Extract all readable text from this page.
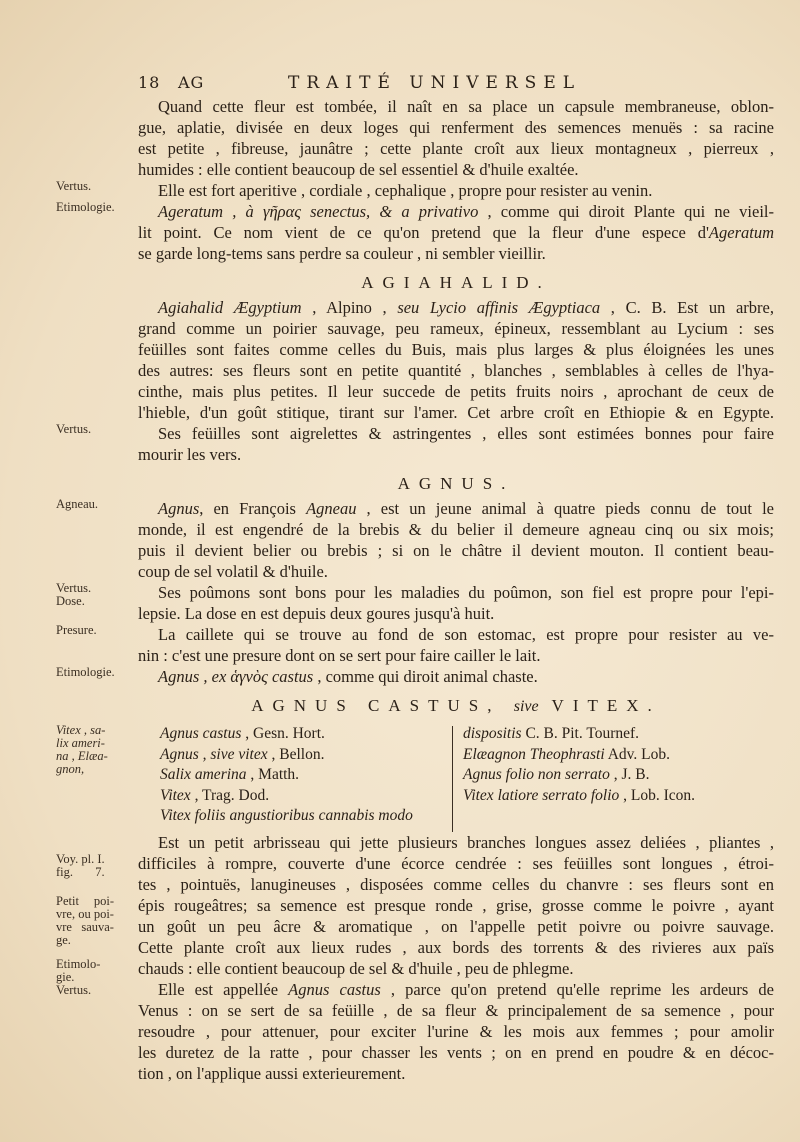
18 AG	TRAITÉ UNIVERSEL
Quand cette fleur est tombée, il naît en sa place un capsule membraneuse, oblon-
gue, aplatie, divisée en deux loges qui renferment des semences menuës : sa racine
est petite , fibreuse, jaunâtre ; cette plante croît aux lieux montagneux , pierreux ,
humides : elle contient beaucoup de sel essentiel & d'huile exaltée.
Vertus.	Elle est fort aperitive , cordiale , cephalique , propre pour resister au venin.
Etimologie.	Ageratum , à γῆρας senectus, & a privativo , comme qui diroit Plante qui ne vieil-
lit point. Ce nom vient de ce qu'on pretend que la fleur d'une espece d'Ageratum
se garde long-tems sans perdre sa couleur , ni sembler vieillir.
AGIAHALID.
Agiahalid Ægyptium , Alpino , seu Lycio affinis Ægyptiaca , C. B. Est un arbre,
grand comme un poirier sauvage, peu rameux, épineux, ressemblant au Lycium : ses
feüilles sont faites comme celles du Buis, mais plus larges & plus éloignées les unes
des autres: ses fleurs sont en petite quantité , blanches , semblables à celles de l'hya-
cinthe, mais plus petites. Il leur succede de petits fruits noirs , aprochant de ceux de
l'hieble, d'un goût stitique, tirant sur l'amer. Cet arbre croît en Ethiopie & en Egypte.
Vertus.	Ses feüilles sont aigrelettes & astringentes , elles sont estimées bonnes pour faire
mourir les vers.
AGNUS.
Agneau.	Agnus, en François Agneau , est un jeune animal à quatre pieds connu de tout le
monde, il est engendré de la brebis & du belier il demeure agneau cinq ou six mois;
puis il devient belier ou brebis ; si on le châtre il devient mouton. Il contient beau-
coup de sel volatil & d'huile.
Vertus.
Dose.	Ses poûmons sont bons pour les maladies du poûmon, son fiel est propre pour l'epi-
lepsie. La dose en est depuis deux goures jusqu'à huit.
Presure.	La caillete qui se trouve au fond de son estomac, est propre pour resister au ve-
nin : c'est une presure dont on se sert pour faire cailler le lait.
Etimologie.	Agnus , ex ἁγνὸς castus , comme qui diroit animal chaste.
AGNUS CASTUS, sive VITEX.
Vitex , sa-
lix ameri-
na , Elæa-
gnon,
Agnus castus , Gesn. Hort.
Agnus , sive vitex , Bellon.
Salix amerina , Matth.
Vitex , Trag. Dod.
Vitex foliis angustioribus cannabis modo
dispositis C. B. Pit. Tournef.
Elæagnon Theophrasti Adv. Lob.
Agnus folio non serrato , J. B.
Vitex latiore serrato folio , Lob. Icon.
Est un petit arbrisseau qui jette plusieurs branches longues assez deliées , pliantes ,
Voy. pl. I.
fig. 7. difficiles à rompre, couverte d'une écorce cendrée : ses feüilles sont longues , étroi-
tes , pointuës, lanugineuses , disposées comme celles du chanvre : ses fleurs sont en
Petit poi-
vre, ou poi-
vre sauva-
ge.
épis rougeâtres; sa semence est presque ronde , grise, grosse comme le poivre , ayant
un goût un peu âcre & aromatique , on l'appelle petit poivre ou poivre sauvage.
Cette plante croît aux lieux rudes , aux bords des torrents & des rivieres aux païs
Etimolo-
gie.
Vertus.
chauds : elle contient beaucoup de sel & d'huile , peu de phlegme.
Elle est appellée Agnus castus , parce qu'on pretend qu'elle reprime les ardeurs de
Venus : on se sert de sa feüille , de sa fleur & principalement de sa semence , pour
resoudre , pour attenuer, pour exciter l'urine & les mois aux femmes ; pour amolir
les duretez de la ratte , pour chasser les vents ; on en prend en poudre & en décoc-
tion , on l'applique aussi exterieurement.
